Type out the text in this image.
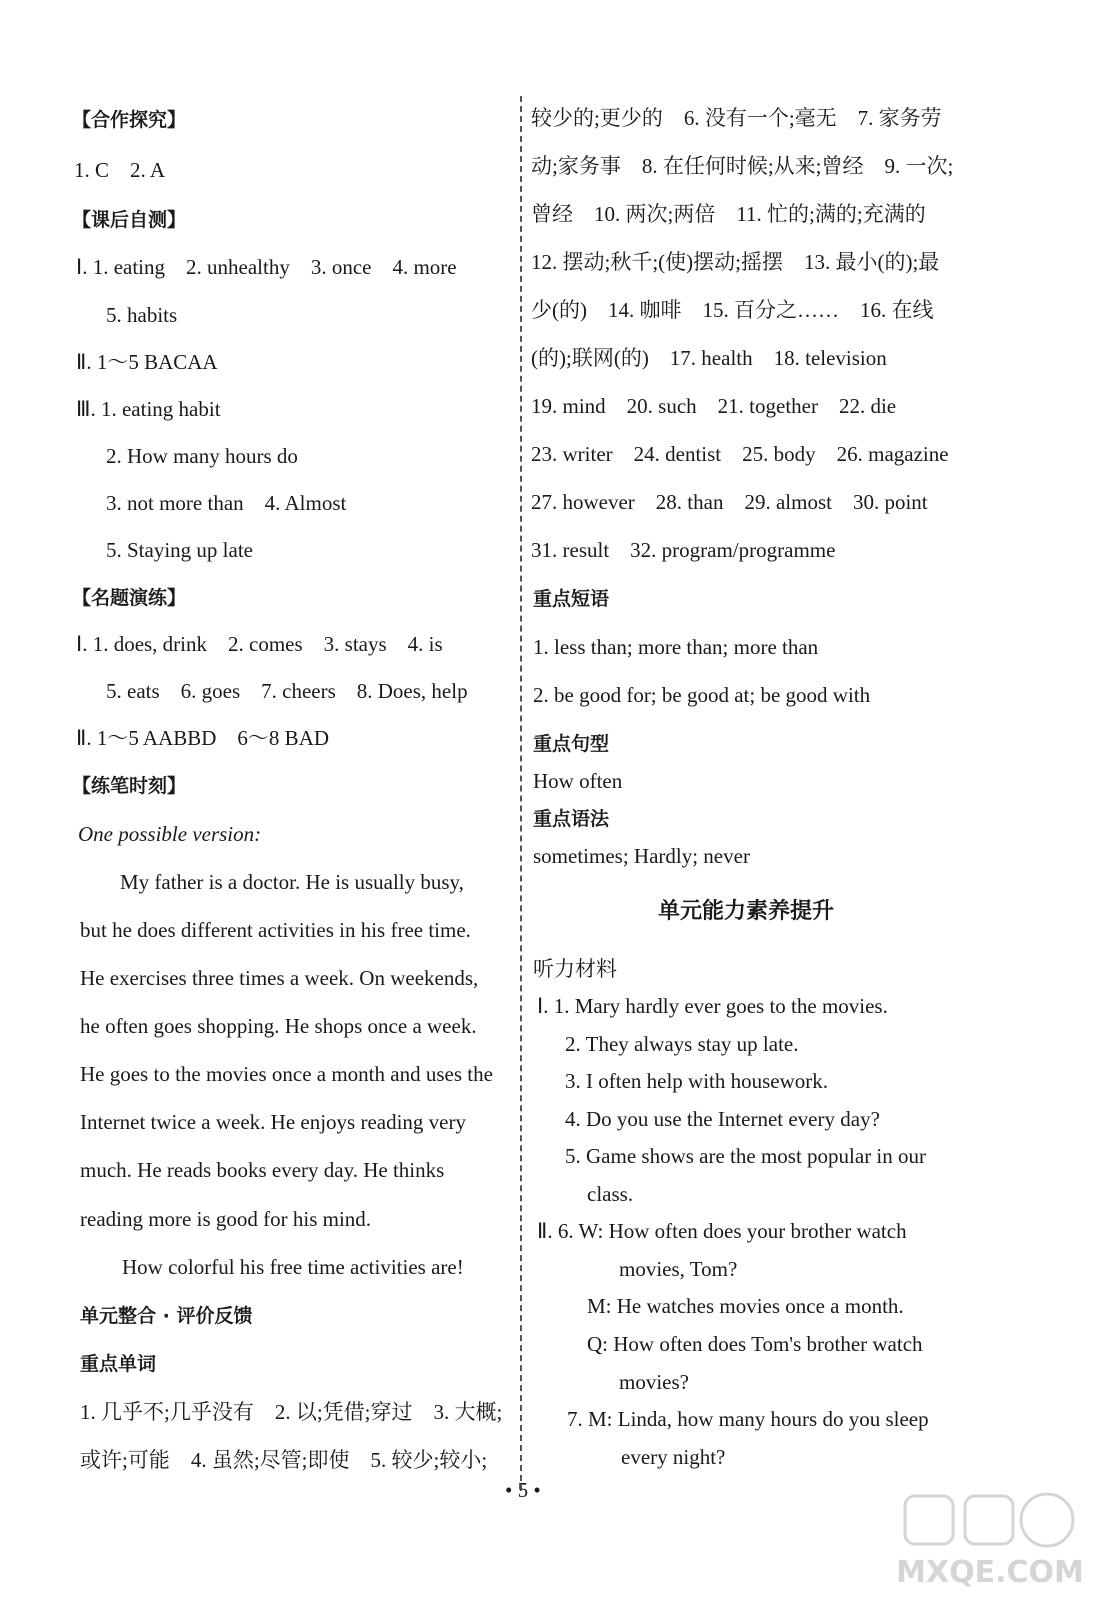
【合作探究】
1. C　2. A
【课后自测】
Ⅰ. 1. eating　2. unhealthy　3. once　4. more
5. habits
Ⅱ. 1～5 BACAA
Ⅲ. 1. eating habit
2. How many hours do
3. not more than　4. Almost
5. Staying up late
【名题演练】
Ⅰ. 1. does, drink　2. comes　3. stays　4. is
5. eats　6. goes　7. cheers　8. Does, help
Ⅱ. 1～5 AABBD　6～8 BAD
【练笔时刻】
One possible version:
My father is a doctor. He is usually busy,
but he does different activities in his free time.
He exercises three times a week. On weekends,
he often goes shopping. He shops once a week.
He goes to the movies once a month and uses the
Internet twice a week. He enjoys reading very
much. He reads books every day. He thinks
reading more is good for his mind.
How colorful his free time activities are!
单元整合 · 评价反馈
重点单词
1. 几乎不;几乎没有　2. 以;凭借;穿过　3. 大概;
或许;可能　4. 虽然;尽管;即使　5. 较少;较小;
较少的;更少的　6. 没有一个;毫无　7. 家务劳
动;家务事　8. 在任何时候;从来;曾经　9. 一次;
曾经　10. 两次;两倍　11. 忙的;满的;充满的
12. 摆动;秋千;(使)摆动;摇摆　13. 最小(的);最
少(的)　14. 咖啡　15. 百分之……　16. 在线
(的);联网(的)　17. health　18. television
19. mind　20. such　21. together　22. die
23. writer　24. dentist　25. body　26. magazine
27. however　28. than　29. almost　30. point
31. result　32. program/programme
重点短语
1. less than; more than; more than
2. be good for; be good at; be good with
重点句型
How often
重点语法
sometimes; Hardly; never
单元能力素养提升
听力材料
Ⅰ. 1. Mary hardly ever goes to the movies.
2. They always stay up late.
3. I often help with housework.
4. Do you use the Internet every day?
5. Game shows are the most popular in our
class.
Ⅱ. 6. W: How often does your brother watch
movies, Tom?
M: He watches movies once a month.
Q: How often does Tom's brother watch
movies?
7. M: Linda, how many hours do you sleep
every night?
• 5 •
MXQE.COM
